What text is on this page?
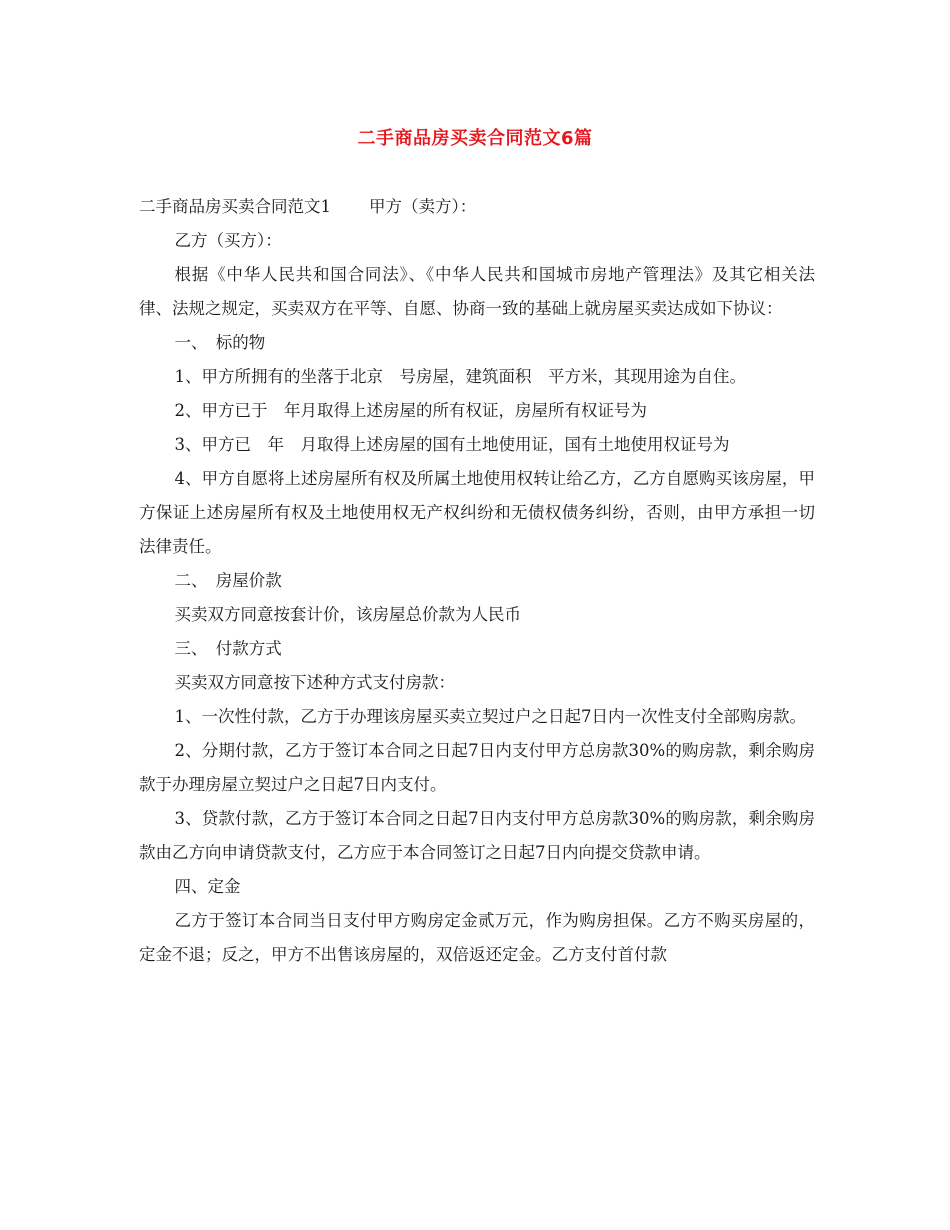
二手商品房买卖合同范文6篇

二手商品房买卖合同范文1 甲方（卖方）：

乙方（买方）：

根据《中华人民共和国合同法》、《中华人民共和国城市房地产管理法》及其它相关法律、法规之规定，买卖双方在平等、自愿、协商一致的基础上就房屋买卖达成如下协议：

一、　标的物

1、甲方所拥有的坐落于北京　号房屋，建筑面积　平方米，其现用途为自住。

2、甲方已于　年月取得上述房屋的所有权证，房屋所有权证号为

3、甲方已　年　月取得上述房屋的国有土地使用证，国有土地使用权证号为

4、甲方自愿将上述房屋所有权及所属土地使用权转让给乙方，乙方自愿购买该房屋，甲方保证上述房屋所有权及土地使用权无产权纠纷和无债权债务纠纷，否则，由甲方承担一切法律责任。

二、　房屋价款

买卖双方同意按套计价，该房屋总价款为人民币

三、　付款方式

买卖双方同意按下述种方式支付房款：

1、一次性付款，乙方于办理该房屋买卖立契过户之日起7日内一次性支付全部购房款。

2、分期付款，乙方于签订本合同之日起7日内支付甲方总房款30%的购房款，剩余购房款于办理房屋立契过户之日起7日内支付。

3、贷款付款，乙方于签订本合同之日起7日内支付甲方总房款30%的购房款，剩余购房款由乙方向申请贷款支付，乙方应于本合同签订之日起7日内向提交贷款申请。

四、定金

乙方于签订本合同当日支付甲方购房定金贰万元，作为购房担保。乙方不购买房屋的，定金不退；反之，甲方不出售该房屋的，双倍返还定金。乙方支付首付款
